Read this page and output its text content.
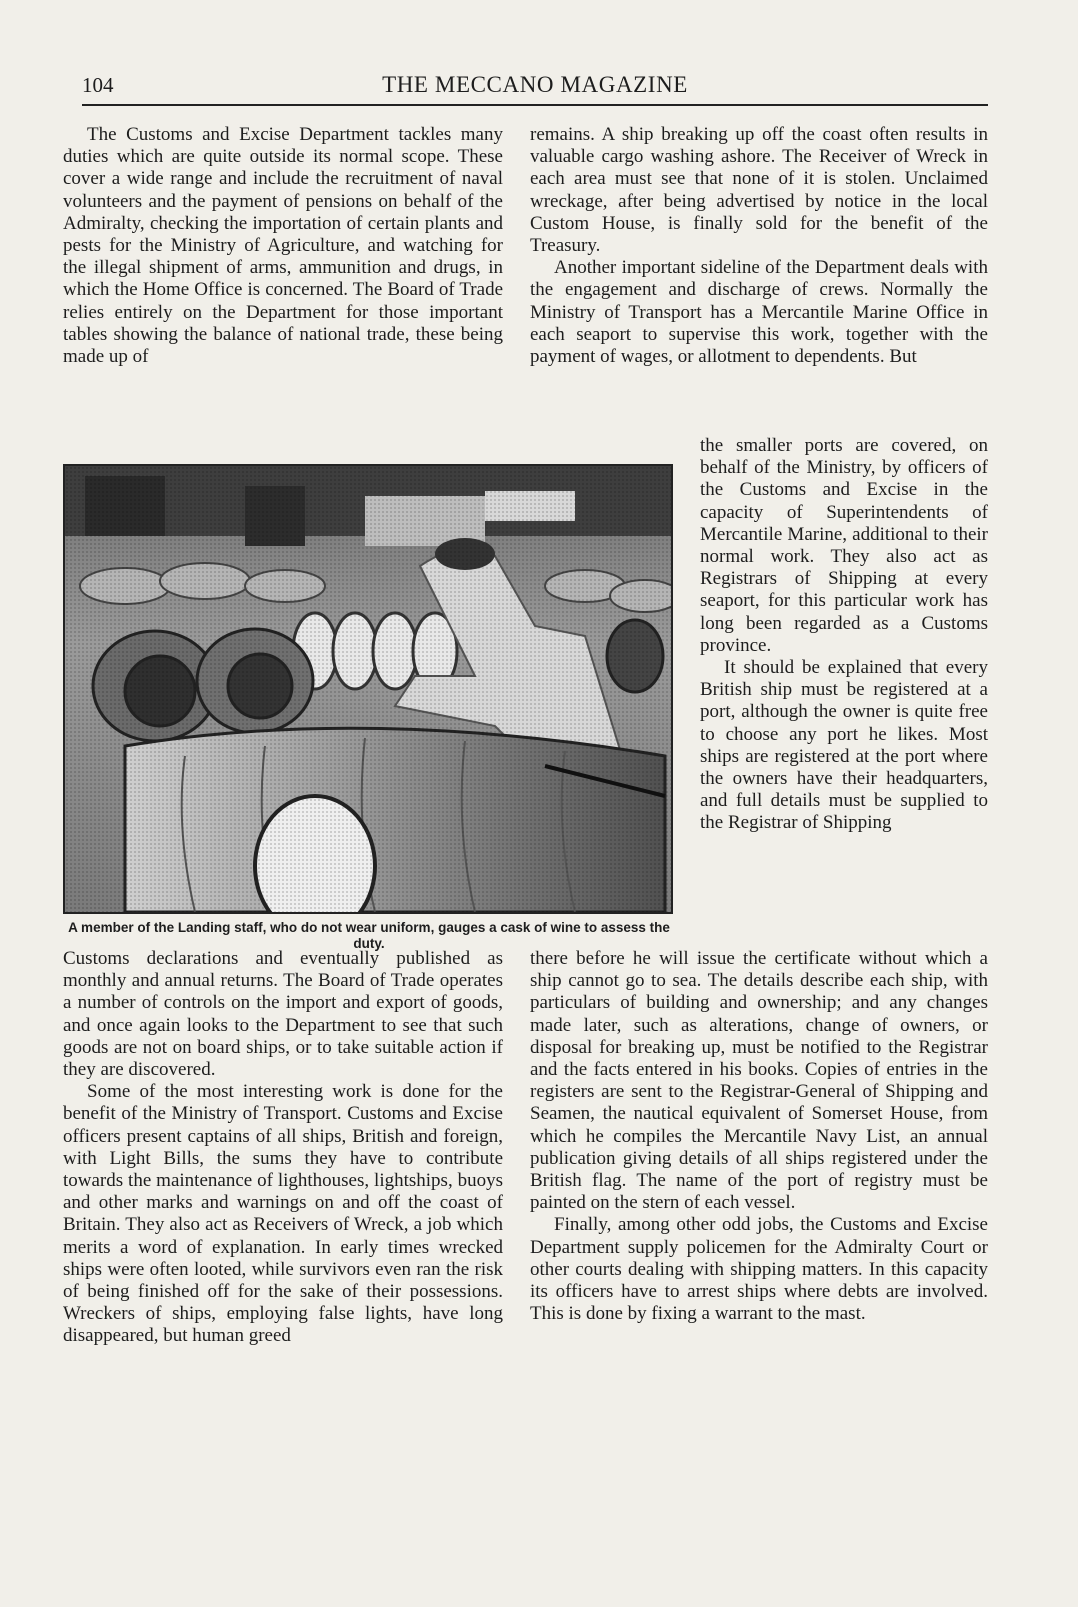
104	THE MECCANO MAGAZINE

The Customs and Excise Department tackles many duties which are quite outside its normal scope. These cover a wide range and include the recruitment of naval volunteers and the payment of pensions on behalf of the Admiralty, checking the importation of certain plants and pests for the Ministry of Agriculture, and watching for the illegal shipment of arms, ammunition and drugs, in which the Home Office is concerned. The Board of Trade relies entirely on the Department for those important tables showing the balance of national trade, these being made up of

remains. A ship breaking up off the coast often results in valuable cargo washing ashore. The Receiver of Wreck in each area must see that none of it is stolen. Unclaimed wreckage, after being advertised by notice in the local Custom House, is finally sold for the benefit of the Treasury.

Another important sideline of the Department deals with the engagement and discharge of crews. Normally the Ministry of Transport has a Mercantile Marine Office in each seaport to supervise this work, together with the payment of wages, or allotment to dependents. But

the smaller ports are covered, on behalf of the Ministry, by officers of the Customs and Excise in the capacity of Superintendents of Mercantile Marine, additional to their normal work. They also act as Registrars of Shipping at every seaport, for this particular work has long been regarded as a Customs province.

It should be explained that every British ship must be registered at a port, although the owner is quite free to choose any port he likes. Most ships are registered at the port where the owners have their headquarters, and full details must be supplied to the Registrar of Shipping

A member of the Landing staff, who do not wear uniform, gauges a cask of wine to assess the duty.

Customs declarations and eventually published as monthly and annual returns. The Board of Trade operates a number of controls on the import and export of goods, and once again looks to the Department to see that such goods are not on board ships, or to take suitable action if they are discovered.

Some of the most interesting work is done for the benefit of the Ministry of Transport. Customs and Excise officers present captains of all ships, British and foreign, with Light Bills, the sums they have to contribute towards the maintenance of lighthouses, lightships, buoys and other marks and warnings on and off the coast of Britain. They also act as Receivers of Wreck, a job which merits a word of explanation. In early times wrecked ships were often looted, while survivors even ran the risk of being finished off for the sake of their possessions. Wreckers of ships, employing false lights, have long disappeared, but human greed

there before he will issue the certificate without which a ship cannot go to sea. The details describe each ship, with particulars of building and ownership; and any changes made later, such as alterations, change of owners, or disposal for breaking up, must be notified to the Registrar and the facts entered in his books. Copies of entries in the registers are sent to the Registrar-General of Shipping and Seamen, the nautical equivalent of Somerset House, from which he compiles the Mercantile Navy List, an annual publication giving details of all ships registered under the British flag. The name of the port of registry must be painted on the stern of each vessel.

Finally, among other odd jobs, the Customs and Excise Department supply policemen for the Admiralty Court or other courts dealing with shipping matters. In this capacity its officers have to arrest ships where debts are involved. This is done by fixing a warrant to the mast.
